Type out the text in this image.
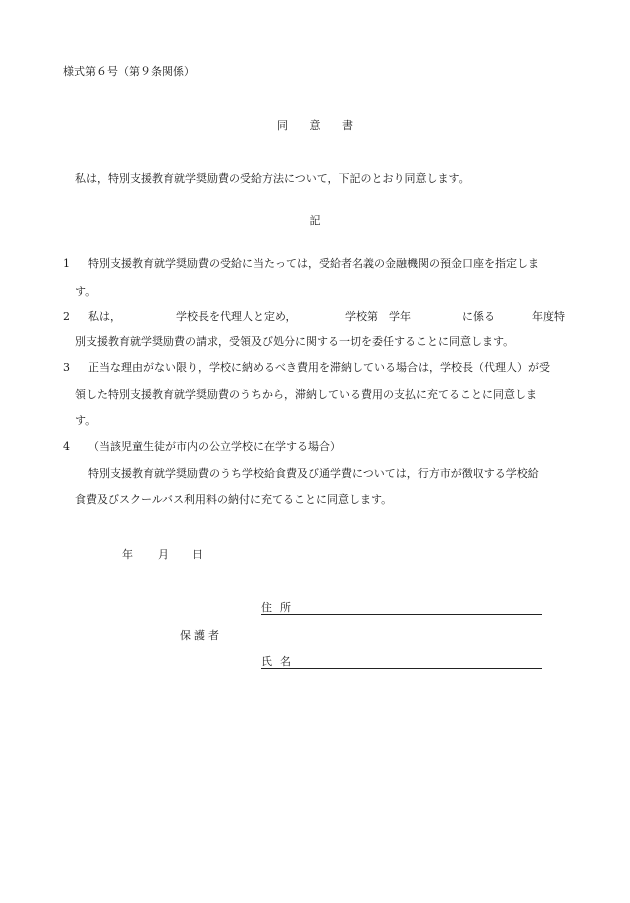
様式第６号（第９条関係）
同 意 書
私は，特別支援教育就学奨励費の受給方法について，下記のとおり同意します。
記
1 特別支援教育就学奨励費の受給に当たっては，受給者名義の金融機関の預金口座を指定しま
す。
2 私は，	学校長を代理人と定め，	学校第 学年	に係る	年度特
別支援教育就学奨励費の請求，受領及び処分に関する一切を委任することに同意します。
3 正当な理由がない限り，学校に納めるべき費用を滞納している場合は，学校長（代理人）が受
領した特別支援教育就学奨励費のうちから，滞納している費用の支払に充てることに同意しま
す。
4 （当該児童生徒が市内の公立学校に在学する場合）
特別支援教育就学奨励費のうち学校給食費及び通学費については，行方市が徴収する学校給
食費及びスクールバス利用料の納付に充てることに同意します。
年 月 日
住所
保護者
氏名
